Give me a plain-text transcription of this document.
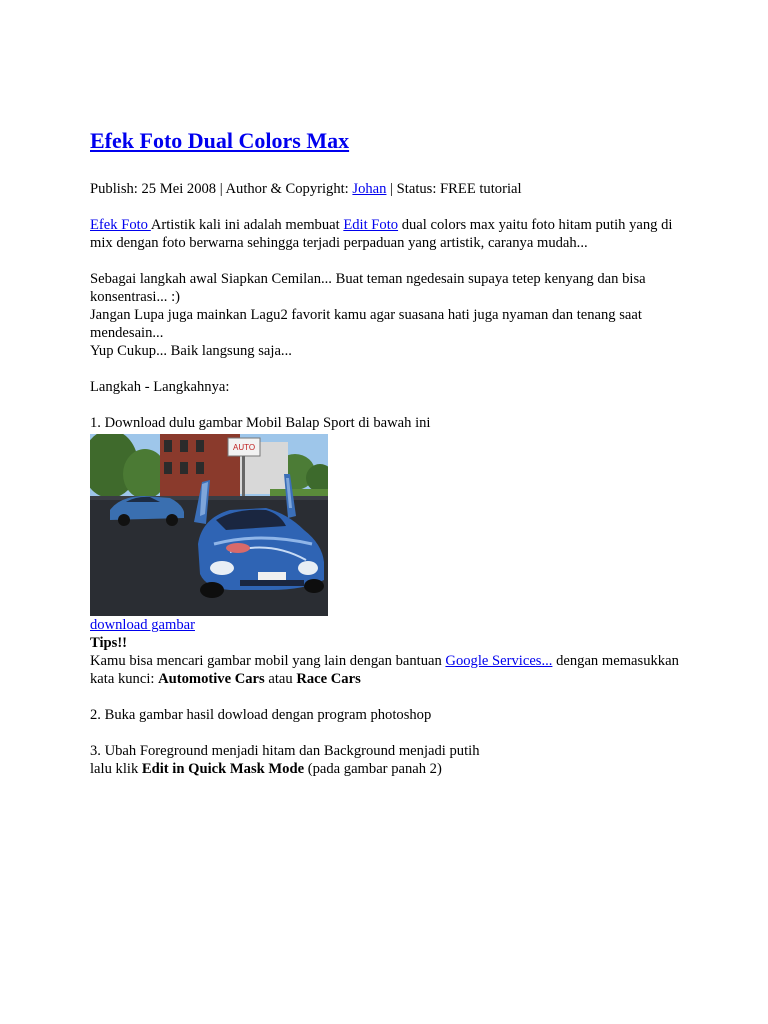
Efek Foto Dual Colors Max

Publish: 25 Mei 2008 | Author & Copyright: Johan | Status: FREE tutorial

Efek Foto Artistik kali ini adalah membuat Edit Foto dual colors max yaitu foto hitam putih yang di mix dengan foto berwarna sehingga terjadi perpaduan yang artistik, caranya mudah...

Sebagai langkah awal Siapkan Cemilan... Buat teman ngedesain supaya tetep kenyang dan bisa konsentrasi... :)
Jangan Lupa juga mainkan Lagu2 favorit kamu agar suasana hati juga nyaman dan tenang saat mendesain...
Yup Cukup... Baik langsung saja...

Langkah - Langkahnya:

1. Download dulu gambar Mobil Balap Sport di bawah ini

AUTO

download gambar

Tips!!

Kamu bisa mencari gambar mobil yang lain dengan bantuan Google Services... dengan memasukkan
kata kunci: Automotive Cars atau Race Cars

2. Buka gambar hasil dowload dengan program photoshop

3. Ubah Foreground menjadi hitam dan Background menjadi putih
lalu klik Edit in Quick Mask Mode (pada gambar panah 2)
